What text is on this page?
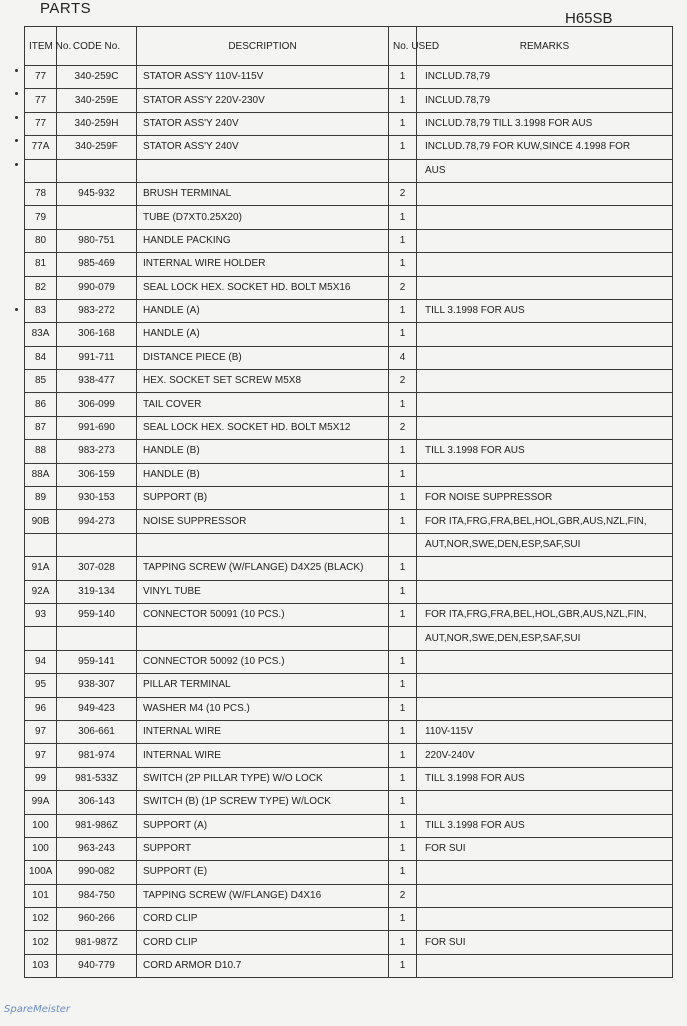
PARTS
H65SB
ITEM No.	CODE No.	DESCRIPTION	No. USED	REMARKS
77	340-259C	STATOR ASS'Y 110V-115V	1	INCLUD.78,79
77	340-259E	STATOR ASS'Y 220V-230V	1	INCLUD.78,79
77	340-259H	STATOR ASS'Y 240V	1	INCLUD.78,79 TILL 3.1998 FOR AUS
77A	340-259F	STATOR ASS'Y 240V	1	INCLUD.78,79 FOR KUW,SINCE 4.1998 FOR
				AUS
78	945-932	BRUSH TERMINAL	2	
79		TUBE (D7XT0.25X20)	1	
80	980-751	HANDLE PACKING	1	
81	985-469	INTERNAL WIRE HOLDER	1	
82	990-079	SEAL LOCK HEX. SOCKET HD. BOLT M5X16	2	
83	983-272	HANDLE (A)	1	TILL 3.1998 FOR AUS
83A	306-168	HANDLE (A)	1	
84	991-711	DISTANCE PIECE (B)	4	
85	938-477	HEX. SOCKET SET SCREW M5X8	2	
86	306-099	TAIL COVER	1	
87	991-690	SEAL LOCK HEX. SOCKET HD. BOLT M5X12	2	
88	983-273	HANDLE (B)	1	TILL 3.1998 FOR AUS
88A	306-159	HANDLE (B)	1	
89	930-153	SUPPORT (B)	1	FOR NOISE SUPPRESSOR
90B	994-273	NOISE SUPPRESSOR	1	FOR ITA,FRG,FRA,BEL,HOL,GBR,AUS,NZL,FIN,
				AUT,NOR,SWE,DEN,ESP,SAF,SUI
91A	307-028	TAPPING SCREW (W/FLANGE) D4X25 (BLACK)	1	
92A	319-134	VINYL TUBE	1	
93	959-140	CONNECTOR 50091 (10 PCS.)	1	FOR ITA,FRG,FRA,BEL,HOL,GBR,AUS,NZL,FIN,
				AUT,NOR,SWE,DEN,ESP,SAF,SUI
94	959-141	CONNECTOR 50092 (10 PCS.)	1	
95	938-307	PILLAR TERMINAL	1	
96	949-423	WASHER M4 (10 PCS.)	1	
97	306-661	INTERNAL WIRE	1	110V-115V
97	981-974	INTERNAL WIRE	1	220V-240V
99	981-533Z	SWITCH (2P PILLAR TYPE) W/O LOCK	1	TILL 3.1998 FOR AUS
99A	306-143	SWITCH (B) (1P SCREW TYPE) W/LOCK	1	
100	981-986Z	SUPPORT (A)	1	TILL 3.1998 FOR AUS
100	963-243	SUPPORT	1	FOR SUI
100A	990-082	SUPPORT (E)	1	
101	984-750	TAPPING SCREW (W/FLANGE) D4X16	2	
102	960-266	CORD CLIP	1	
102	981-987Z	CORD CLIP	1	FOR SUI
103	940-779	CORD ARMOR D10.7	1	
SpareMeister
